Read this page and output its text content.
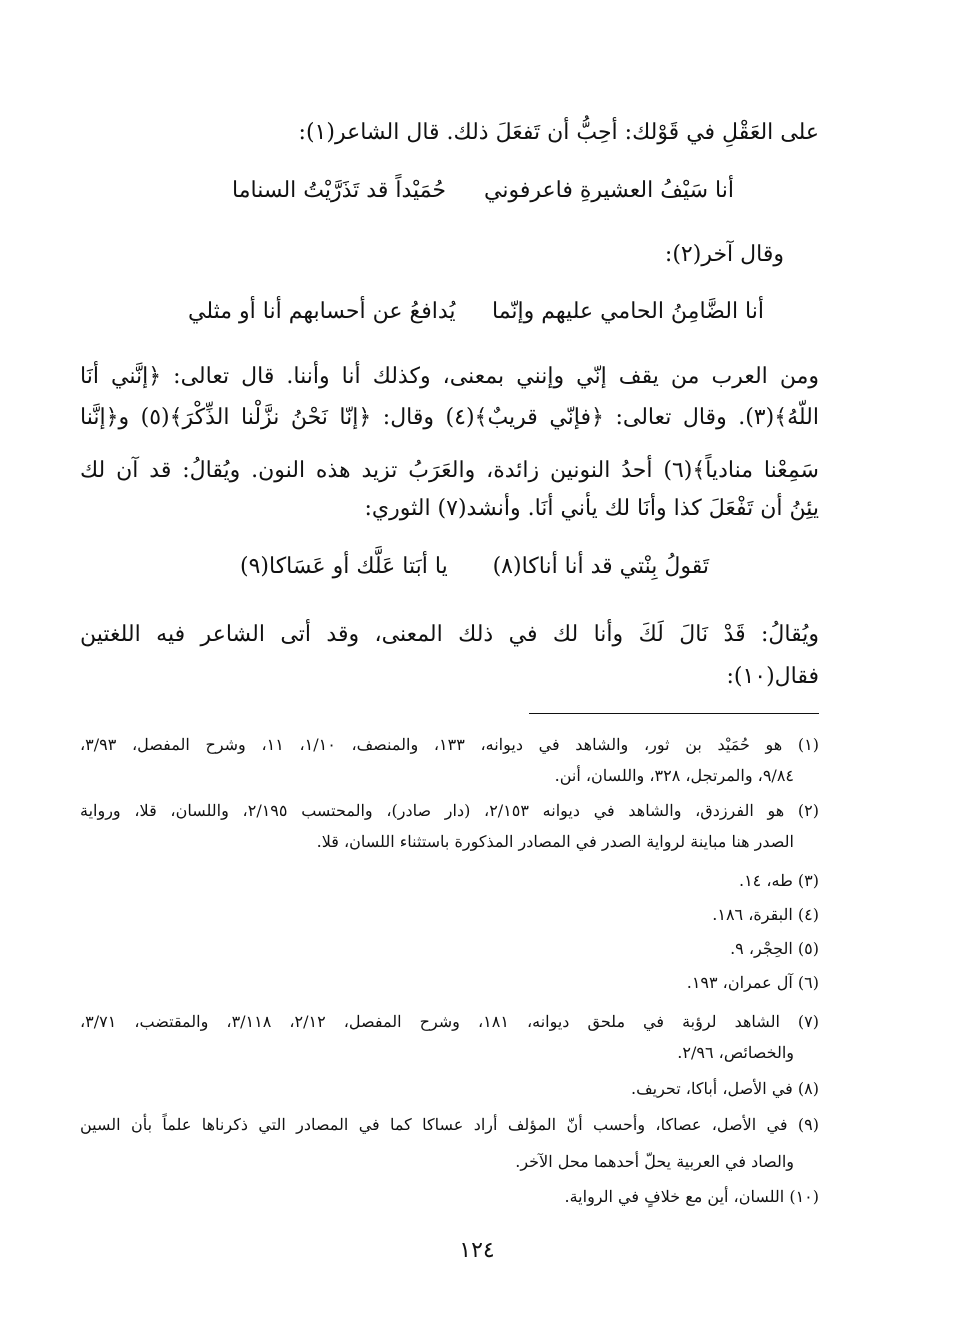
على العَقْلِ في قَوْلك: أحِبُّ أن تَفعَلَ ذلك. قال الشاعر(١):
أنا سَيْفُ العشيرةِ فاعرفوني
حُمَيْداً قد تَذَرَّيْتُ السناما
وقال آخر(٢):
أنا الضَّامِنُ الحامي عليهم وإنّما
يُدافعُ عن أحسابهم أنا أو مثلي
ومن العرب من يقف إنّي وإنني بمعنى، وكذلك أنا وأننا. قال تعالى: ﴿إنَّني أنَا
اللّهُ﴾(٣). وقال تعالى: ﴿فإنّي قريبٌ﴾(٤) وقال: ﴿إنّا نَحْنُ نزَّلْنا الذِّكْرَ﴾(٥) و﴿إنَّنا
سَمِعْنا منادياً﴾(٦) أحدُ النونين زائدة، والعَرَبُ تزيد هذه النون. ويُقالُ: قد آن لك
يئِنُ أن تَفْعَلَ كذا وأنَا لك يأني أنَا. وأنشد(٧) الثوري:
تَقولُ بِنْتي قد أنا أناكا(٨)
يا أبَتا عَلَّك أو عَسَاكا(٩)
ويُقالُ: قَدْ نَالَ لَكَ وأنا لك في ذلك المعنى، وقد أتى الشاعر فيه اللغتين
فقال(١٠):
(١) هو حُمَيْد بن ثور، والشاهد في ديوانه، ١٣٣، والمنصف، ١/١٠، ١١، وشرح المفصل، ٣/٩٣،
٩/٨٤، والمرتجل، ٣٢٨، واللسان، أنن.
(٢) هو الفرزدق، والشاهد في ديوانه ٢/١٥٣، (دار صادر)، والمحتسب ٢/١٩٥، واللسان، قلا، ورواية
الصدر هنا مباينة لرواية الصدر في المصادر المذكورة باستثناء اللسان، قلا.
(٣) طه، ١٤.
(٤) البقرة، ١٨٦.
(٥) الحِجْر، ٩.
(٦) آل عمران، ١٩٣.
(٧) الشاهد لرؤبة في ملحق ديوانه، ١٨١، وشرح المفصل، ٢/١٢، ٣/١١٨، والمقتضب، ٣/٧١،
والخصائص، ٢/٩٦.
(٨) في الأصل، أباكا، تحريف.
(٩) في الأصل، عصاكا، وأحسب أنّ المؤلف أراد عساكا كما في المصادر التي ذكرناها علماً بأن السين
والصاد في العربية يحلّ أحدهما محل الآخر.
(١٠) اللسان، أين مع خلافٍ في الرواية.
١٢٤
